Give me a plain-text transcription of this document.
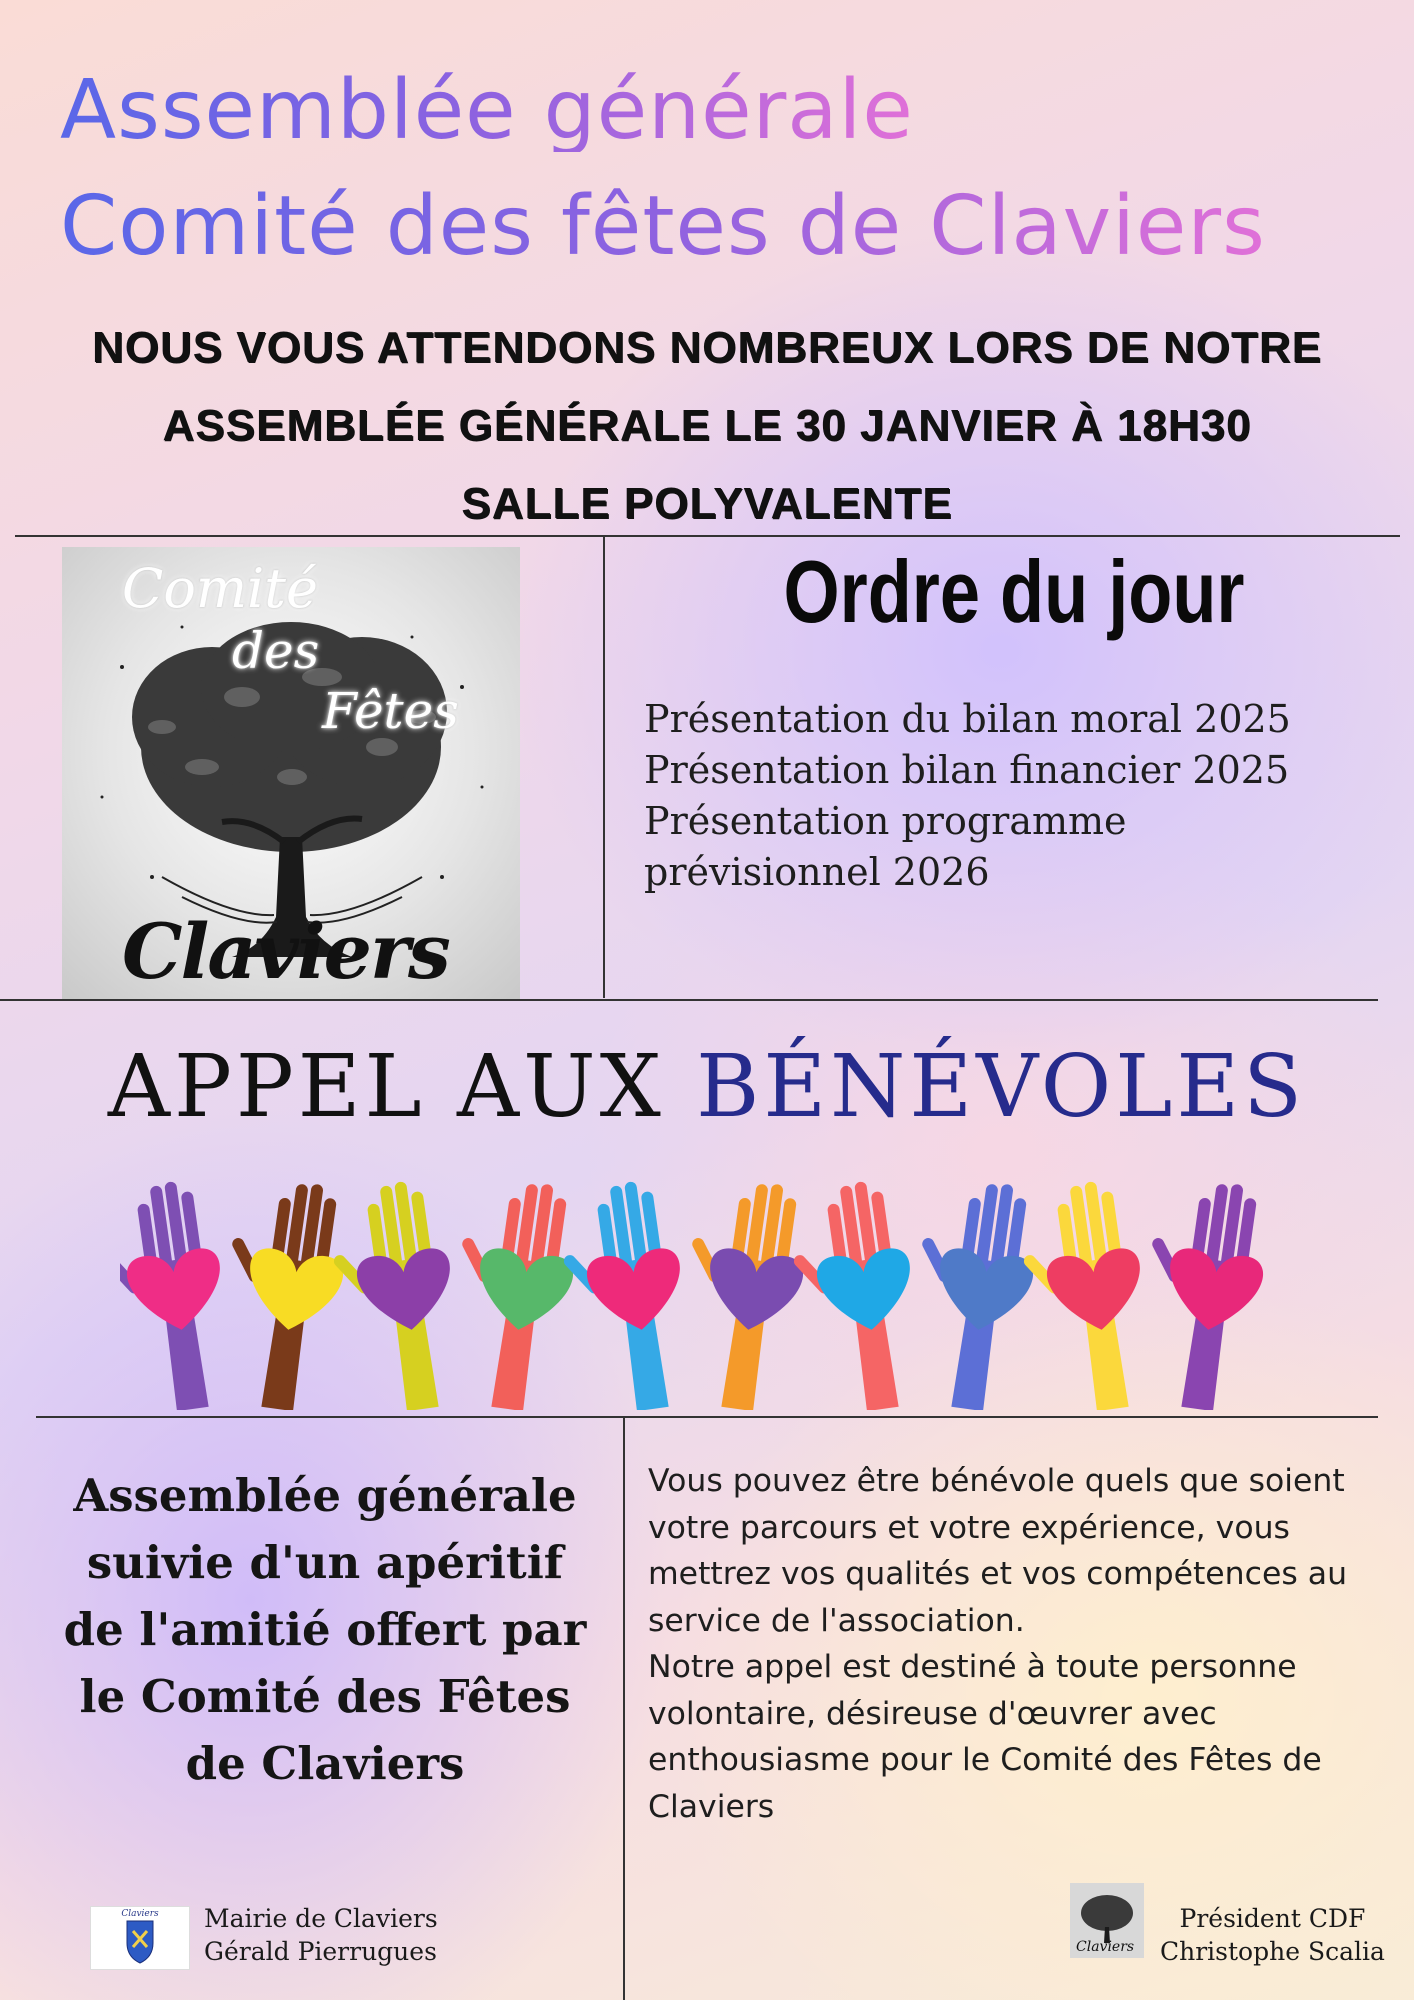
Assemblée générale
Comité des fêtes de Claviers
NOUS VOUS ATTENDONS NOMBREUX LORS DE NOTRE
ASSEMBLÉE GÉNÉRALE LE 30 JANVIER À 18H30
SALLE POLYVALENTE
Comité
des
Fêtes
Claviers
Ordre du jour
Présentation du bilan moral 2025
Présentation bilan financier 2025
Présentation programme
prévisionnel 2026
APPEL AUX BÉNÉVOLES
Assemblée générale suivie d'un apéritif de l'amitié offert par le Comité des Fêtes de Claviers

Vous pouvez être bénévole quels que soient votre parcours et votre expérience, vous mettrez vos qualités et vos compétences au service de l'association.

Notre appel est destiné à toute personne volontaire, désireuse d'œuvrer avec enthousiasme pour le Comité des Fêtes de Claviers

Claviers	Mairie de Claviers
Gérald Pierrugues	Claviers
Président CDF
Christophe Scalia
